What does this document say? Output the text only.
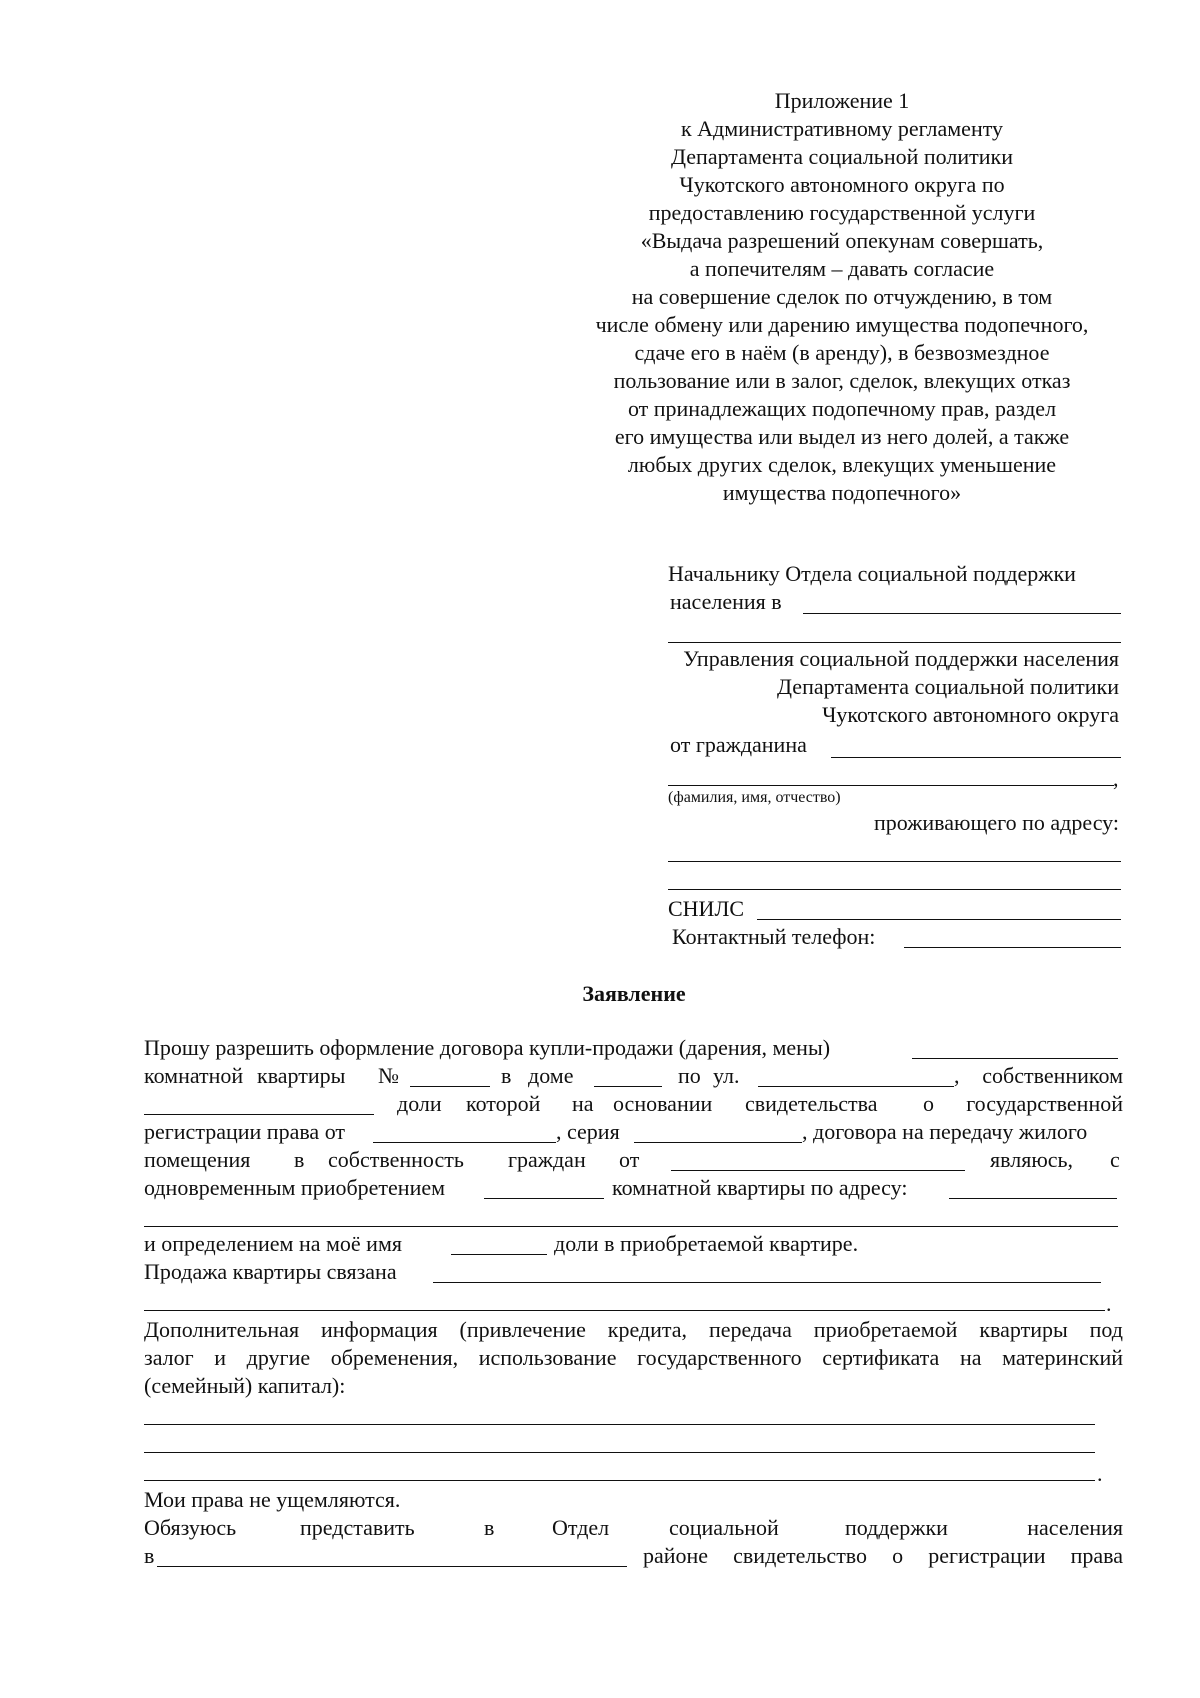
Приложение 1
к Административному регламенту
Департамента социальной политики
Чукотского автономного округа по
предоставлению государственной услуги
«Выдача разрешений опекунам совершать,
а попечителям – давать согласие
на совершение сделок по отчуждению, в том
числе обмену или дарению имущества подопечного,
сдаче его в наём (в аренду), в безвозмездное
пользование или в залог, сделок, влекущих отказ
от принадлежащих подопечному прав, раздел
его имущества или выдел из него долей, а также
любых других сделок, влекущих уменьшение
имущества подопечного»
Начальнику Отдела социальной поддержки
населения в
Управления социальной поддержки населения
Департамента социальной политики
Чукотского автономного округа
от гражданина
,
(фамилия, имя, отчество)
проживающего по адресу:
СНИЛС
Контактный телефон:
Заявление
Прошу разрешить оформление договора купли-продажи (дарения, мены)
комнатной квартиры №	в доме	по ул.	,	собственником
доли которой на основании свидетельства о	государственной
регистрации права от	, серия	, договора на передачу жилого
помещения в собственность граждан от	являюсь, с
одновременным приобретением	комнатной квартиры по адресу:
и определением на моё имя	доли в приобретаемой квартире.
Продажа квартиры связана
.
Дополнительная информация (привлечение кредита, передача приобретаемой квартиры под
залог и другие обременения, использование государственного сертификата на материнский
(семейный) капитал):
.
Мои права не ущемляются.
Обязуюсь	представить	в	Отдел	социальной	поддержки	населения
в	районе свидетельство о регистрации права
